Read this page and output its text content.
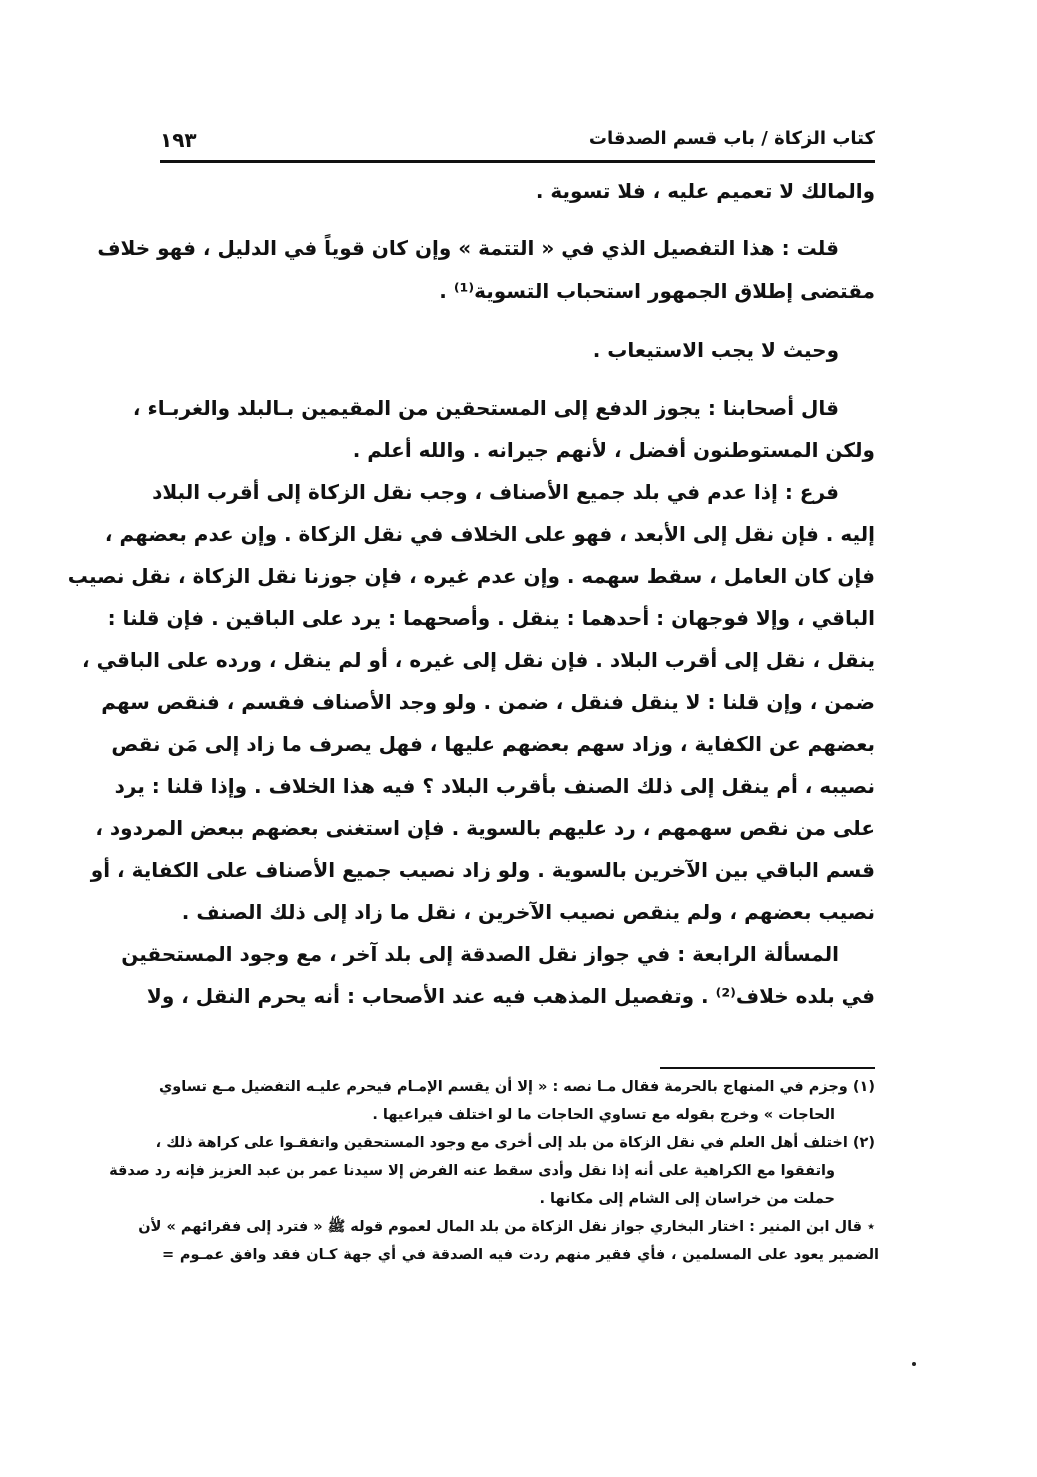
كتاب الزكاة / باب قسم الصدقات
١٩٣
والمالك لا تعميم عليه ، فلا تسوية .
قلت : هذا التفصيل الذي في « التتمة » وإن كان قوياً في الدليل ، فهو خلاف
مقتضى إطلاق الجمهور استحباب التسوية⁽¹⁾ .
وحيث لا يجب الاستيعاب .
قال أصحابنا : يجوز الدفع إلى المستحقين من المقيمين بـالبلد والغربـاء ،
ولكن المستوطنون أفضل ، لأنهم جيرانه . والله أعلم .
فرع : إذا عدم في بلد جميع الأصناف ، وجب نقل الزكاة إلى أقرب البلاد
إليه . فإن نقل إلى الأبعد ، فهو على الخلاف في نقل الزكاة . وإن عدم بعضهم ،
فإن كان العامل ، سقط سهمه . وإن عدم غيره ، فإن جوزنا نقل الزكاة ، نقل نصيب
الباقي ، وإلا فوجهان : أحدهما : ينقل . وأصحهما : يرد على الباقين . فإن قلنا :
ينقل ، نقل إلى أقرب البلاد . فإن نقل إلى غيره ، أو لم ينقل ، ورده على الباقي ،
ضمن ، وإن قلنا : لا ينقل فنقل ، ضمن . ولو وجد الأصناف فقسم ، فنقص سهم
بعضهم عن الكفاية ، وزاد سهم بعضهم عليها ، فهل يصرف ما زاد إلى مَن نقص
نصيبه ، أم ينقل إلى ذلك الصنف بأقرب البلاد ؟ فيه هذا الخلاف . وإذا قلنا : يرد
على من نقص سهمهم ، رد عليهم بالسوية . فإن استغنى بعضهم ببعض المردود ،
قسم الباقي بين الآخرين بالسوية . ولو زاد نصيب جميع الأصناف على الكفاية ، أو
نصيب بعضهم ، ولم ينقص نصيب الآخرين ، نقل ما زاد إلى ذلك الصنف .
المسألة الرابعة : في جواز نقل الصدقة إلى بلد آخر ، مع وجود المستحقين
في بلده خلاف⁽²⁾ . وتفصيل المذهب فيه عند الأصحاب : أنه يحرم النقل ، ولا
(١) وجزم في المنهاج بالحرمة فقال مـا نصه : « إلا أن يقسم الإمـام فيحرم عليـه التفضيل مـع تساوي
الحاجات » وخرج بقوله مع تساوي الحاجات ما لو اختلف فيراعيها .
(٢) اختلف أهل العلم في نقل الزكاة من بلد إلى أخرى مع وجود المستحقين واتفقـوا على كراهة ذلك ،
واتفقوا مع الكراهية على أنه إذا نقل وأدى سقط عنه الفرض إلا سيدنا عمر بن عبد العزيز فإنه رد صدقة
حملت من خراسان إلى الشام إلى مكانها .
٭ قال ابن المنير : اختار البخاري جواز نقل الزكاة من بلد المال لعموم قوله ﷺ « فترد إلى فقرائهم » لأن
الضمير يعود على المسلمين ، فأي فقير منهم ردت فيه الصدقة في أي جهة كـان فقد وافق عمـوم =
